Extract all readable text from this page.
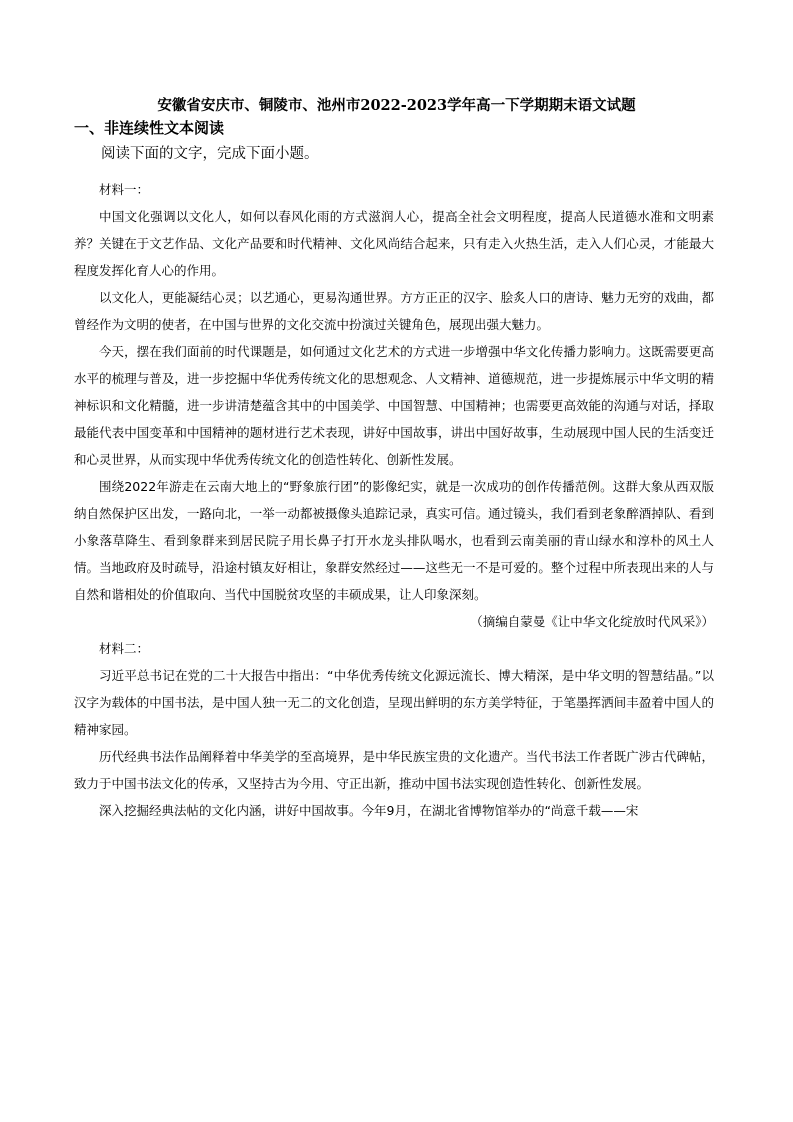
安徽省安庆市、铜陵市、池州市2022-2023学年高一下学期期末语文试题
一、非连续性文本阅读
阅读下面的文字，完成下面小题。

材料一：

中国文化强调以文化人，如何以春风化雨的方式滋润人心，提高全社会文明程度，提高人民道德水准和文明素养？关键在于文艺作品、文化产品要和时代精神、文化风尚结合起来，只有走入火热生活，走入人们心灵，才能最大程度发挥化育人心的作用。

以文化人，更能凝结心灵；以艺通心，更易沟通世界。方方正正的汉字、脍炙人口的唐诗、魅力无穷的戏曲，都曾经作为文明的使者，在中国与世界的文化交流中扮演过关键角色，展现出强大魅力。

今天，摆在我们面前的时代课题是，如何通过文化艺术的方式进一步增强中华文化传播力影响力。这既需要更高水平的梳理与普及，进一步挖掘中华优秀传统文化的思想观念、人文精神、道德规范，进一步提炼展示中华文明的精神标识和文化精髓，进一步讲清楚蕴含其中的中国美学、中国智慧、中国精神；也需要更高效能的沟通与对话，择取最能代表中国变革和中国精神的题材进行艺术表现，讲好中国故事，讲出中国好故事，生动展现中国人民的生活变迁和心灵世界，从而实现中华优秀传统文化的创造性转化、创新性发展。

围绕2022年游走在云南大地上的“野象旅行团”的影像纪实，就是一次成功的创作传播范例。这群大象从西双版纳自然保护区出发，一路向北，一举一动都被摄像头追踪记录，真实可信。通过镜头，我们看到老象醉酒掉队、看到小象落草降生、看到象群来到居民院子用长鼻子打开水龙头排队喝水，也看到云南美丽的青山绿水和淳朴的风土人情。当地政府及时疏导，沿途村镇友好相让，象群安然经过——这些无一不是可爱的。整个过程中所表现出来的人与自然和谐相处的价值取向、当代中国脱贫攻坚的丰硕成果，让人印象深刻。

（摘编自蒙曼《让中华文化绽放时代风采》）

材料二：

习近平总书记在党的二十大报告中指出：“中华优秀传统文化源远流长、博大精深，是中华文明的智慧结晶。”以汉字为载体的中国书法，是中国人独一无二的文化创造，呈现出鲜明的东方美学特征，于笔墨挥洒间丰盈着中国人的精神家园。

历代经典书法作品阐释着中华美学的至高境界，是中华民族宝贵的文化遗产。当代书法工作者既广涉古代碑帖，致力于中国书法文化的传承，又坚持古为今用、守正出新，推动中国书法实现创造性转化、创新性发展。

深入挖掘经典法帖的文化内涵，讲好中国故事。今年9月，在湖北省博物馆举办的“尚意千载——宋
